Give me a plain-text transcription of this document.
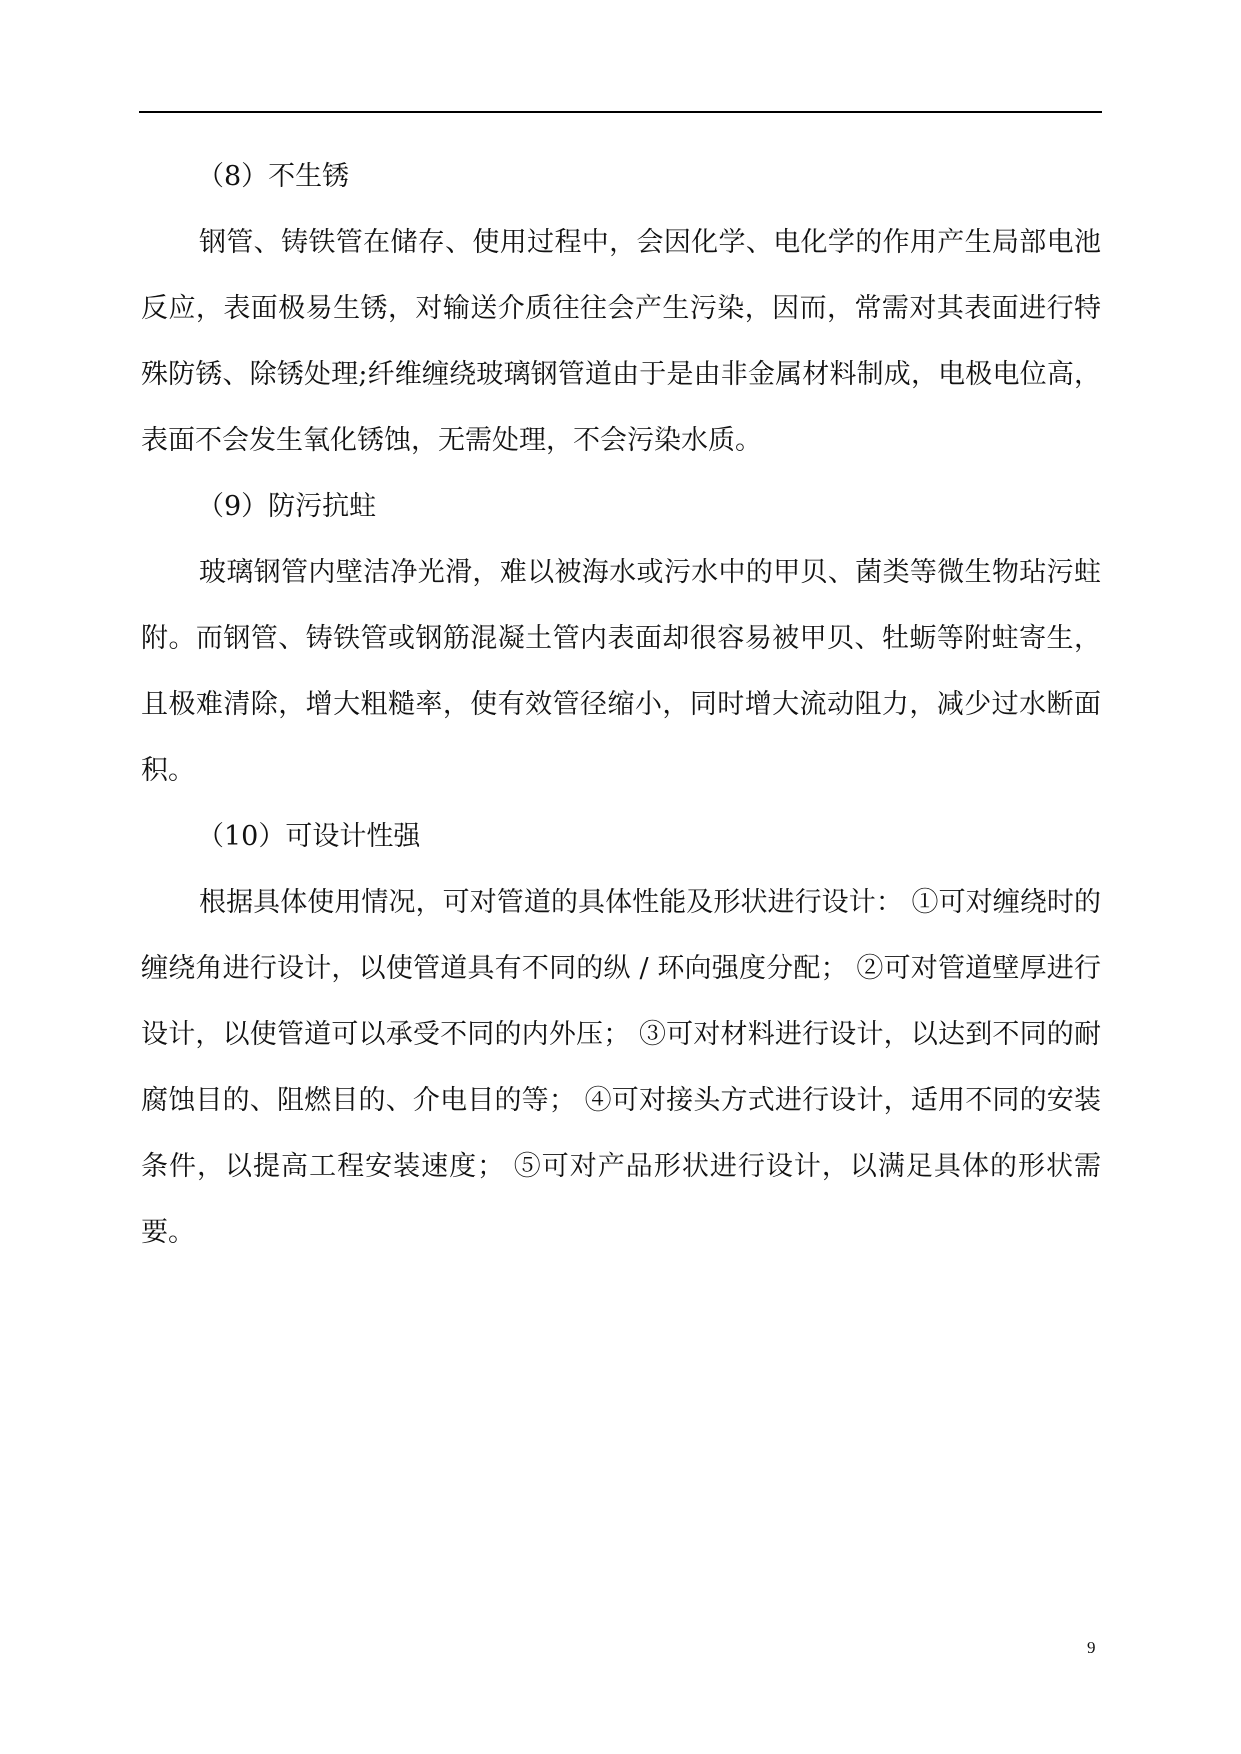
（8）不生锈

钢管、铸铁管在储存、使用过程中，会因化学、电化学的作用产生局部电池反应，表面极易生锈，对输送介质往往会产生污染，因而，常需对其表面进行特殊防锈、除锈处理;纤维缠绕玻璃钢管道由于是由非金属材料制成，电极电位高，表面不会发生氧化锈蚀，无需处理，不会污染水质。

（9）防污抗蛀

玻璃钢管内壁洁净光滑，难以被海水或污水中的甲贝、菌类等微生物玷污蛀附。而钢管、铸铁管或钢筋混凝土管内表面却很容易被甲贝、牡蛎等附蛀寄生，且极难清除，增大粗糙率，使有效管径缩小，同时增大流动阻力，减少过水断面积。

（10）可设计性强

根据具体使用情况，可对管道的具体性能及形状进行设计： ①可对缠绕时的缠绕角进行设计，以使管道具有不同的纵 / 环向强度分配； ②可对管道壁厚进行设计，以使管道可以承受不同的内外压； ③可对材料进行设计，以达到不同的耐腐蚀目的、阻燃目的、介电目的等； ④可对接头方式进行设计，适用不同的安装条件，以提高工程安装速度； ⑤可对产品形状进行设计，以满足具体的形状需要。

9
